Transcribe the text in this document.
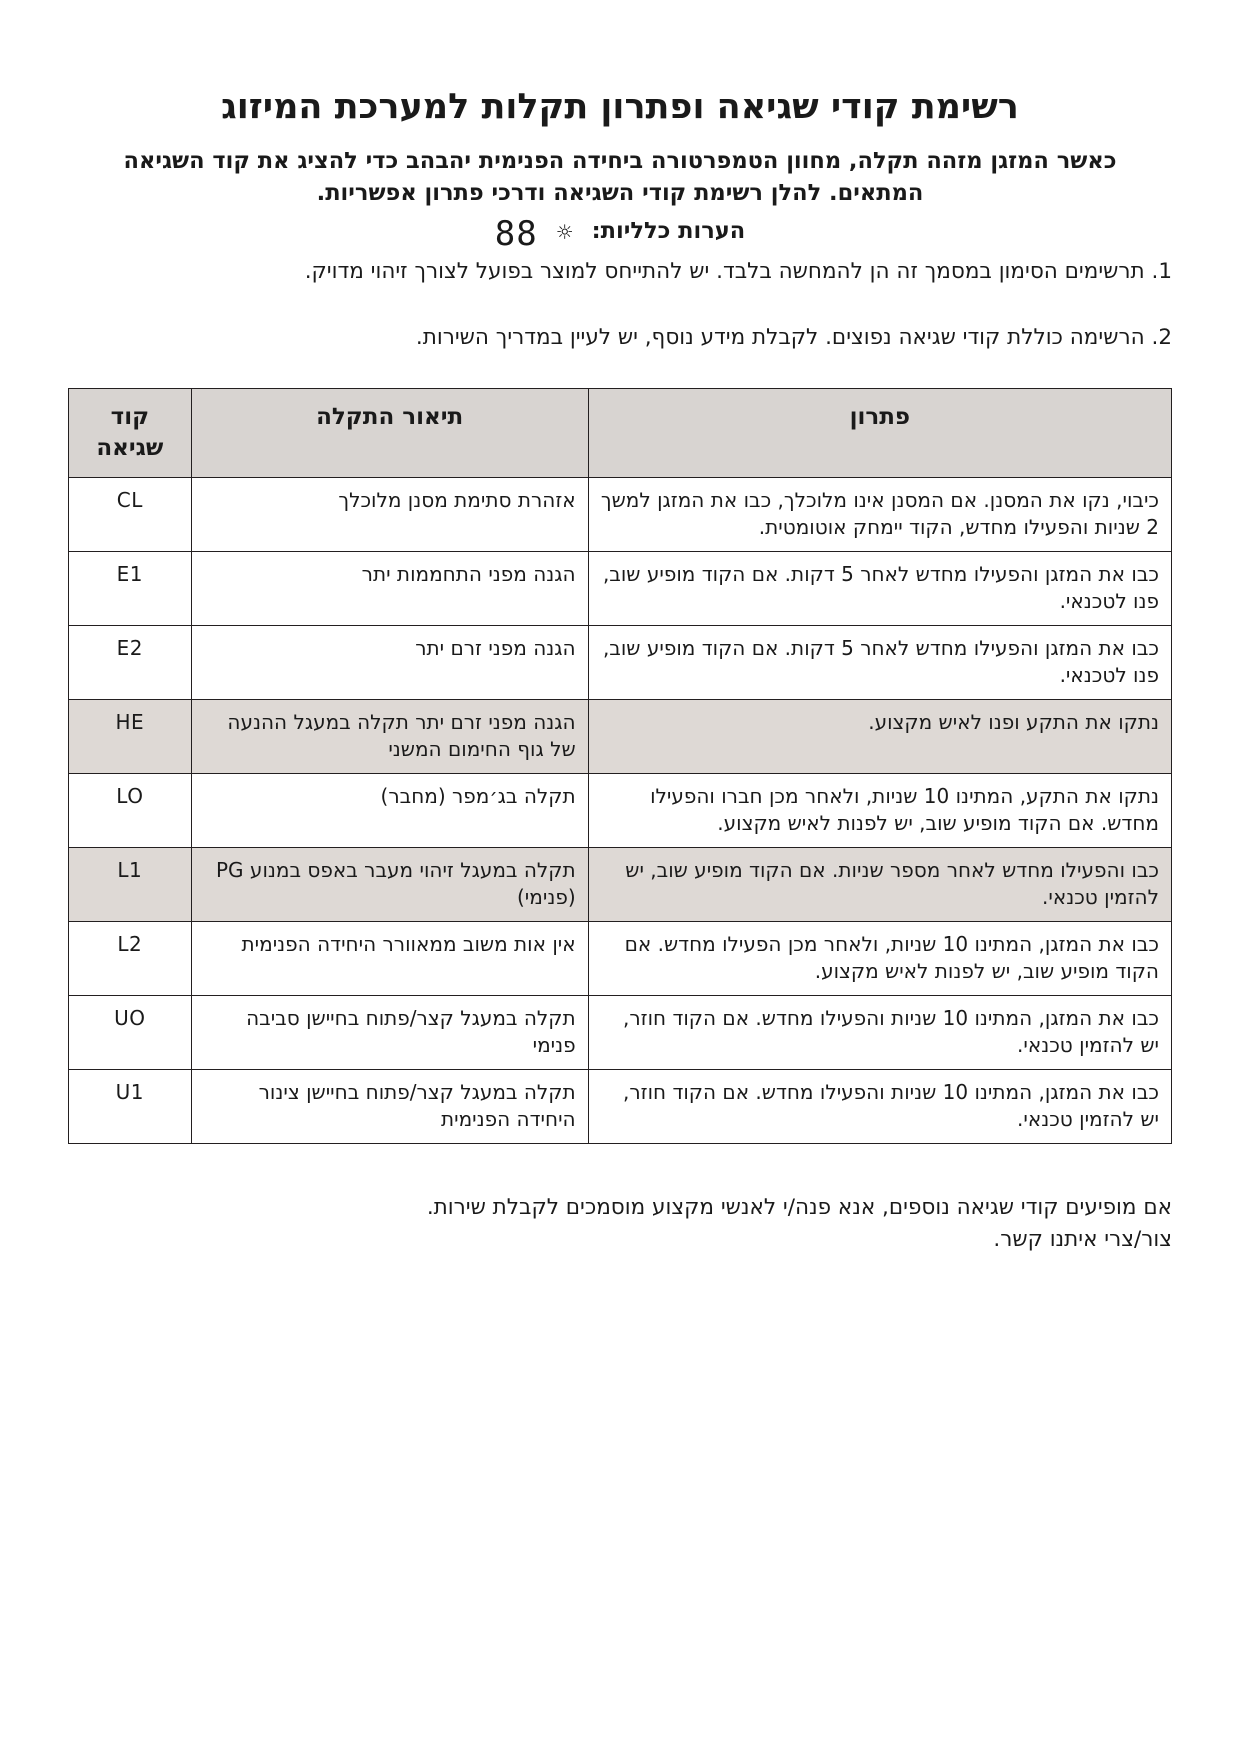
רשימת קודי שגיאה ופתרון תקלות למערכת המיזוג

כאשר המזגן מזהה תקלה, מחוון הטמפרטורה ביחידה הפנימית יהבהב כדי להציג את קוד השגיאה המתאים. להלן רשימת קודי השגיאה ודרכי פתרון אפשריות.

הערות כלליות:
☼
88
1. תרשימים הסימון במסמך זה הן להמחשה בלבד. יש להתייחס למוצר בפועל לצורך זיהוי מדויק.
2. הרשימה כוללת קודי שגיאה נפוצים. לקבלת מידע נוסף, יש לעיין במדריך השירות.
פתרון	תיאור התקלה	קוד שגיאה
כיבוי, נקו את המסנן. אם המסנן אינו מלוכלך, כבו את המזגן למשך 2 שניות והפעילו מחדש, הקוד יימחק אוטומטית.	אזהרת סתימת מסנן מלוכלך	CL
כבו את המזגן והפעילו מחדש לאחר 5 דקות. אם הקוד מופיע שוב, פנו לטכנאי.	הגנה מפני התחממות יתר	E1
כבו את המזגן והפעילו מחדש לאחר 5 דקות. אם הקוד מופיע שוב, פנו לטכנאי.	הגנה מפני זרם יתר	E2
נתקו את התקע ופנו לאיש מקצוע.	הגנה מפני זרם יתר תקלה במעגל ההנעה של גוף החימום המשני	HE
נתקו את התקע, המתינו 10 שניות, ולאחר מכן חברו והפעילו מחדש. אם הקוד מופיע שוב, יש לפנות לאיש מקצוע.	תקלה בג׳מפר (מחבר)	LO
כבו והפעילו מחדש לאחר מספר שניות. אם הקוד מופיע שוב, יש להזמין טכנאי.	תקלה במעגל זיהוי מעבר באפס במנוע PG (פנימי)	L1
כבו את המזגן, המתינו 10 שניות, ולאחר מכן הפעילו מחדש. אם הקוד מופיע שוב, יש לפנות לאיש מקצוע.	אין אות משוב ממאוורר היחידה הפנימית	L2
כבו את המזגן, המתינו 10 שניות והפעילו מחדש. אם הקוד חוזר, יש להזמין טכנאי.	תקלה במעגל קצר/פתוח בחיישן סביבה פנימי	UO
כבו את המזגן, המתינו 10 שניות והפעילו מחדש. אם הקוד חוזר, יש להזמין טכנאי.	תקלה במעגל קצר/פתוח בחיישן צינור היחידה הפנימית	U1
אם מופיעים קודי שגיאה נוספים, אנא פנה/י לאנשי מקצוע מוסמכים לקבלת שירות.
צור/צרי איתנו קשר.
